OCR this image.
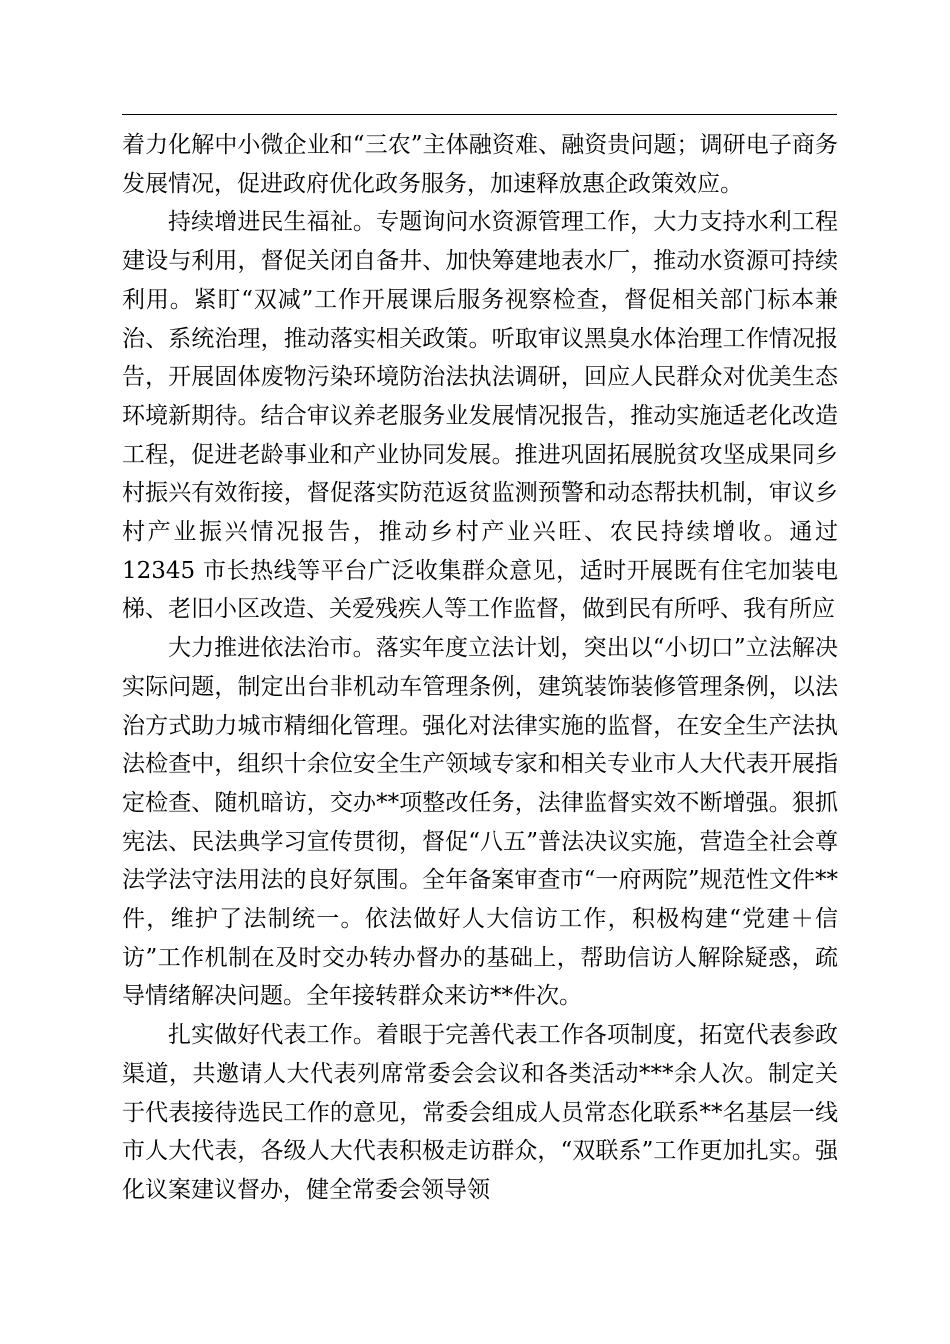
着力化解中小微企业和“三农”主体融资难、融资贵问题；调研电子商务发展情况，促进政府优化政务服务，加速释放惠企政策效应。

持续增进民生福祉。专题询问水资源管理工作，大力支持水利工程建设与利用，督促关闭自备井、加快筹建地表水厂，推动水资源可持续利用。紧盯“双减”工作开展课后服务视察检查，督促相关部门标本兼治、系统治理，推动落实相关政策。听取审议黑臭水体治理工作情况报告，开展固体废物污染环境防治法执法调研，回应人民群众对优美生态环境新期待。结合审议养老服务业发展情况报告，推动实施适老化改造工程，促进老龄事业和产业协同发展。推进巩固拓展脱贫攻坚成果同乡村振兴有效衔接，督促落实防范返贫监测预警和动态帮扶机制，审议乡村产业振兴情况报告，推动乡村产业兴旺、农民持续增收。通过 12345 市长热线等平台广泛收集群众意见，适时开展既有住宅加装电梯、老旧小区改造、关爱残疾人等工作监督，做到民有所呼、我有所应

大力推进依法治市。落实年度立法计划，突出以“小切口”立法解决实际问题，制定出台非机动车管理条例，建筑装饰装修管理条例，以法治方式助力城市精细化管理。强化对法律实施的监督，在安全生产法执法检查中，组织十余位安全生产领域专家和相关专业市人大代表开展指定检查、随机暗访，交办**项整改任务，法律监督实效不断增强。狠抓宪法、民法典学习宣传贯彻，督促“八五”普法决议实施，营造全社会尊法学法守法用法的良好氛围。全年备案审查市“一府两院”规范性文件**件，维护了法制统一。依法做好人大信访工作，积极构建“党建＋信访”工作机制在及时交办转办督办的基础上，帮助信访人解除疑惑，疏导情绪解决问题。全年接转群众来访**件次。

扎实做好代表工作。着眼于完善代表工作各项制度，拓宽代表参政渠道，共邀请人大代表列席常委会会议和各类活动***余人次。制定关于代表接待选民工作的意见，常委会组成人员常态化联系**名基层一线市人大代表，各级人大代表积极走访群众，“双联系”工作更加扎实。强化议案建议督办，健全常委会领导领
